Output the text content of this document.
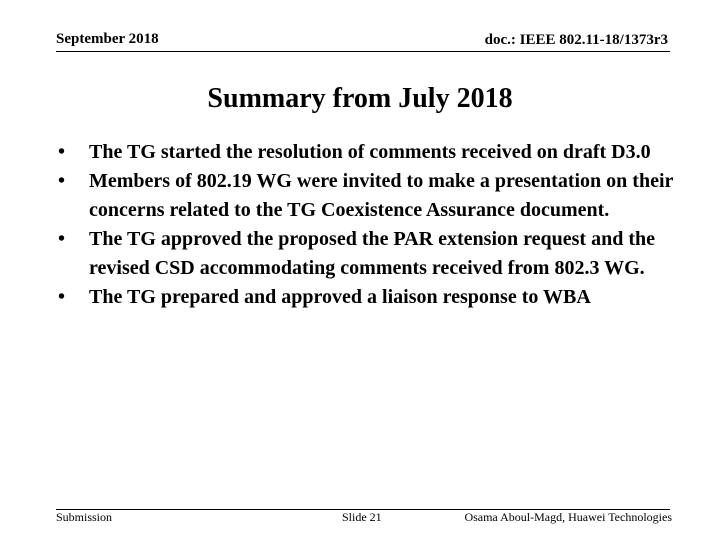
September 2018	doc.: IEEE 802.11-18/1373r3
Summary from July 2018
•	The TG started the resolution of comments received on draft D3.0
•	Members of 802.19 WG were invited to make a presentation on their concerns related to the TG Coexistence Assurance document.
•	The TG approved the proposed the PAR extension request and the revised CSD accommodating comments received from 802.3 WG.
•	The TG prepared and approved a liaison response to WBA
Submission	Slide 21	Osama Aboul-Magd, Huawei Technologies
